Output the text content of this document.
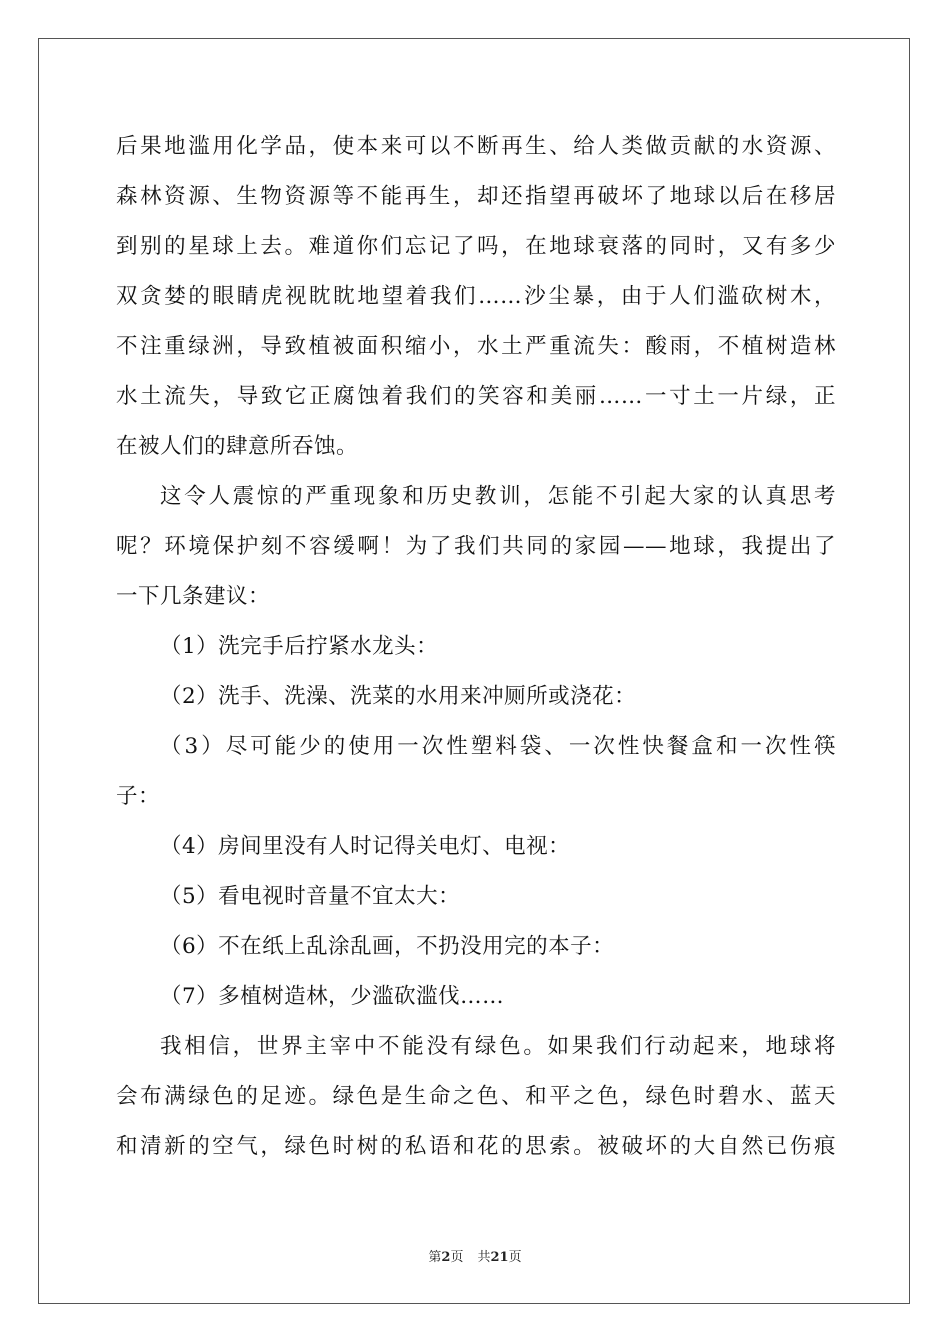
后果地滥用化学品，使本来可以不断再生、给人类做贡献的水资源、
森林资源、生物资源等不能再生，却还指望再破坏了地球以后在移居
到别的星球上去。难道你们忘记了吗，在地球衰落的同时，又有多少
双贪婪的眼睛虎视眈眈地望着我们……沙尘暴，由于人们滥砍树木，
不注重绿洲，导致植被面积缩小，水土严重流失：酸雨，不植树造林
水土流失，导致它正腐蚀着我们的笑容和美丽……一寸土一片绿，正
在被人们的肆意所吞蚀。
这令人震惊的严重现象和历史教训，怎能不引起大家的认真思考
呢？环境保护刻不容缓啊！为了我们共同的家园——地球，我提出了
一下几条建议：
（1）洗完手后拧紧水龙头：
（2）洗手、洗澡、洗菜的水用来冲厕所或浇花：
（3）尽可能少的使用一次性塑料袋、一次性快餐盒和一次性筷
子：
（4）房间里没有人时记得关电灯、电视：
（5）看电视时音量不宜太大：
（6）不在纸上乱涂乱画，不扔没用完的本子：
（7）多植树造林，少滥砍滥伐……
我相信，世界主宰中不能没有绿色。如果我们行动起来，地球将
会布满绿色的足迹。绿色是生命之色、和平之色，绿色时碧水、蓝天
和清新的空气，绿色时树的私语和花的思索。被破坏的大自然已伤痕
第2页 共21页
